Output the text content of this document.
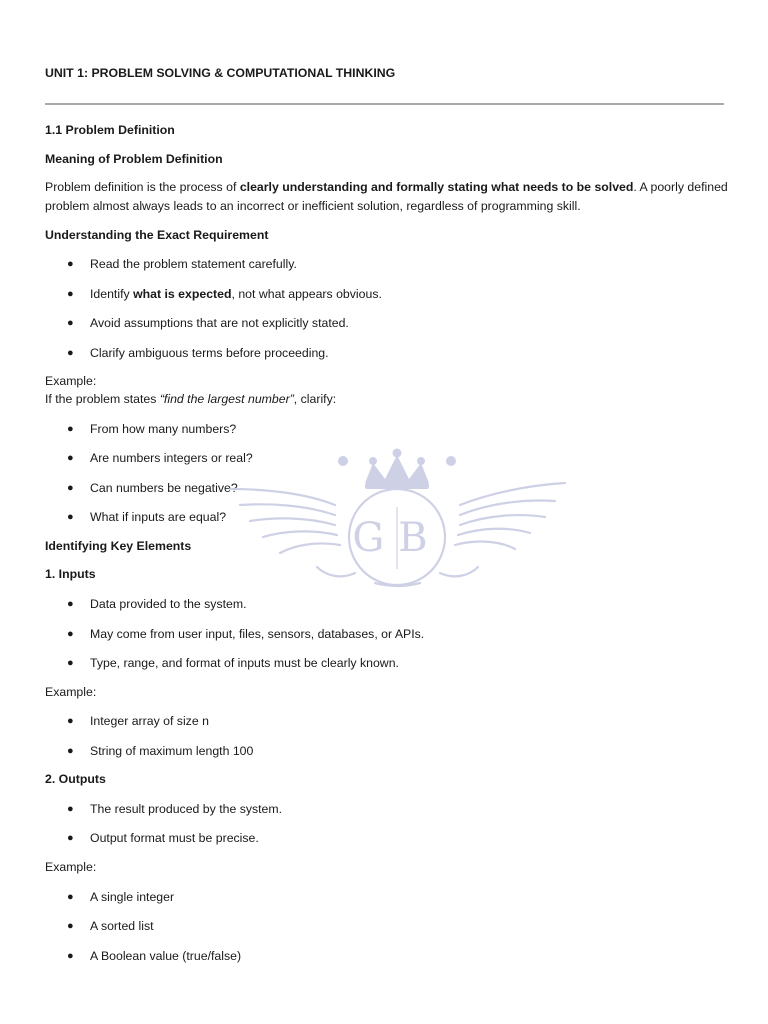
UNIT 1: PROBLEM SOLVING & COMPUTATIONAL THINKING
1.1 Problem Definition
Meaning of Problem Definition
Problem definition is the process of clearly understanding and formally stating what needs to be solved. A poorly defined
problem almost always leads to an incorrect or inefficient solution, regardless of programming skill.
Understanding the Exact Requirement
● Read the problem statement carefully.
● Identify what is expected, not what appears obvious.
● Avoid assumptions that are not explicitly stated.
● Clarify ambiguous terms before proceeding.
Example:
If the problem states “find the largest number”, clarify:
● From how many numbers?
● Are numbers integers or real?
● Can numbers be negative?
● What if inputs are equal?
Identifying Key Elements
1. Inputs
● Data provided to the system.
● May come from user input, files, sensors, databases, or APIs.
● Type, range, and format of inputs must be clearly known.
Example:
● Integer array of size n
● String of maximum length 100
2. Outputs
● The result produced by the system.
● Output format must be precise.
Example:
● A single integer
● A sorted list
● A Boolean value (true/false)
GB
